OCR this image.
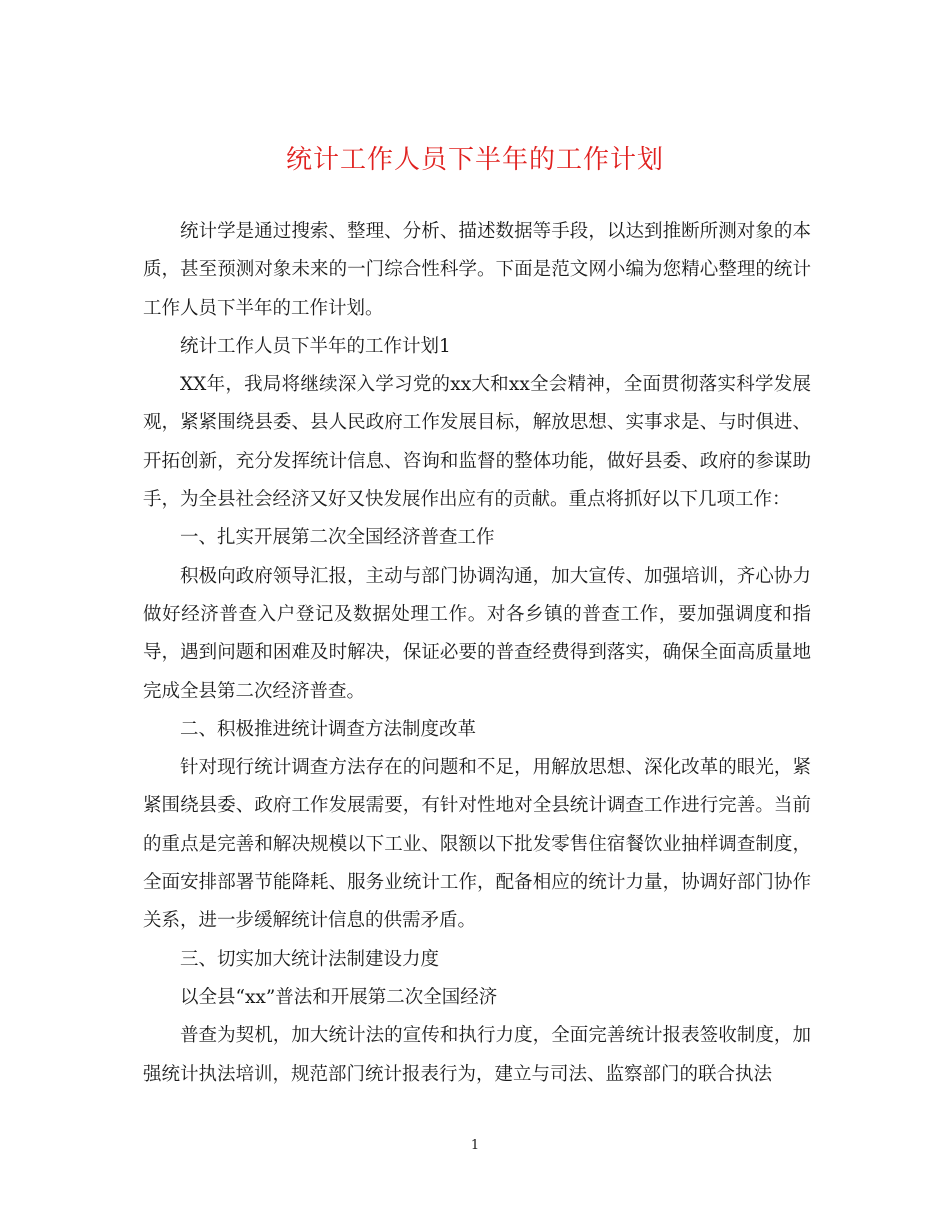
统计工作人员下半年的工作计划

统计学是通过搜索、整理、分析、描述数据等手段，以达到推断所测对象的本质，甚至预测对象未来的一门综合性科学。下面是范文网小编为您精心整理的统计工作人员下半年的工作计划。

统计工作人员下半年的工作计划1

XX年，我局将继续深入学习党的xx大和xx全会精神，全面贯彻落实科学发展观，紧紧围绕县委、县人民政府工作发展目标，解放思想、实事求是、与时俱进、开拓创新，充分发挥统计信息、咨询和监督的整体功能，做好县委、政府的参谋助手，为全县社会经济又好又快发展作出应有的贡献。重点将抓好以下几项工作：

一、扎实开展第二次全国经济普查工作

积极向政府领导汇报，主动与部门协调沟通，加大宣传、加强培训，齐心协力做好经济普查入户登记及数据处理工作。对各乡镇的普查工作，要加强调度和指导，遇到问题和困难及时解决，保证必要的普查经费得到落实，确保全面高质量地完成全县第二次经济普查。

二、积极推进统计调查方法制度改革

针对现行统计调查方法存在的问题和不足，用解放思想、深化改革的眼光，紧紧围绕县委、政府工作发展需要，有针对性地对全县统计调查工作进行完善。当前的重点是完善和解决规模以下工业、限额以下批发零售住宿餐饮业抽样调查制度，全面安排部署节能降耗、服务业统计工作，配备相应的统计力量，协调好部门协作关系，进一步缓解统计信息的供需矛盾。

三、切实加大统计法制建设力度

以全县“xx”普法和开展第二次全国经济

普查为契机，加大统计法的宣传和执行力度，全面完善统计报表签收制度，加强统计执法培训，规范部门统计报表行为，建立与司法、监察部门的联合执法

1
